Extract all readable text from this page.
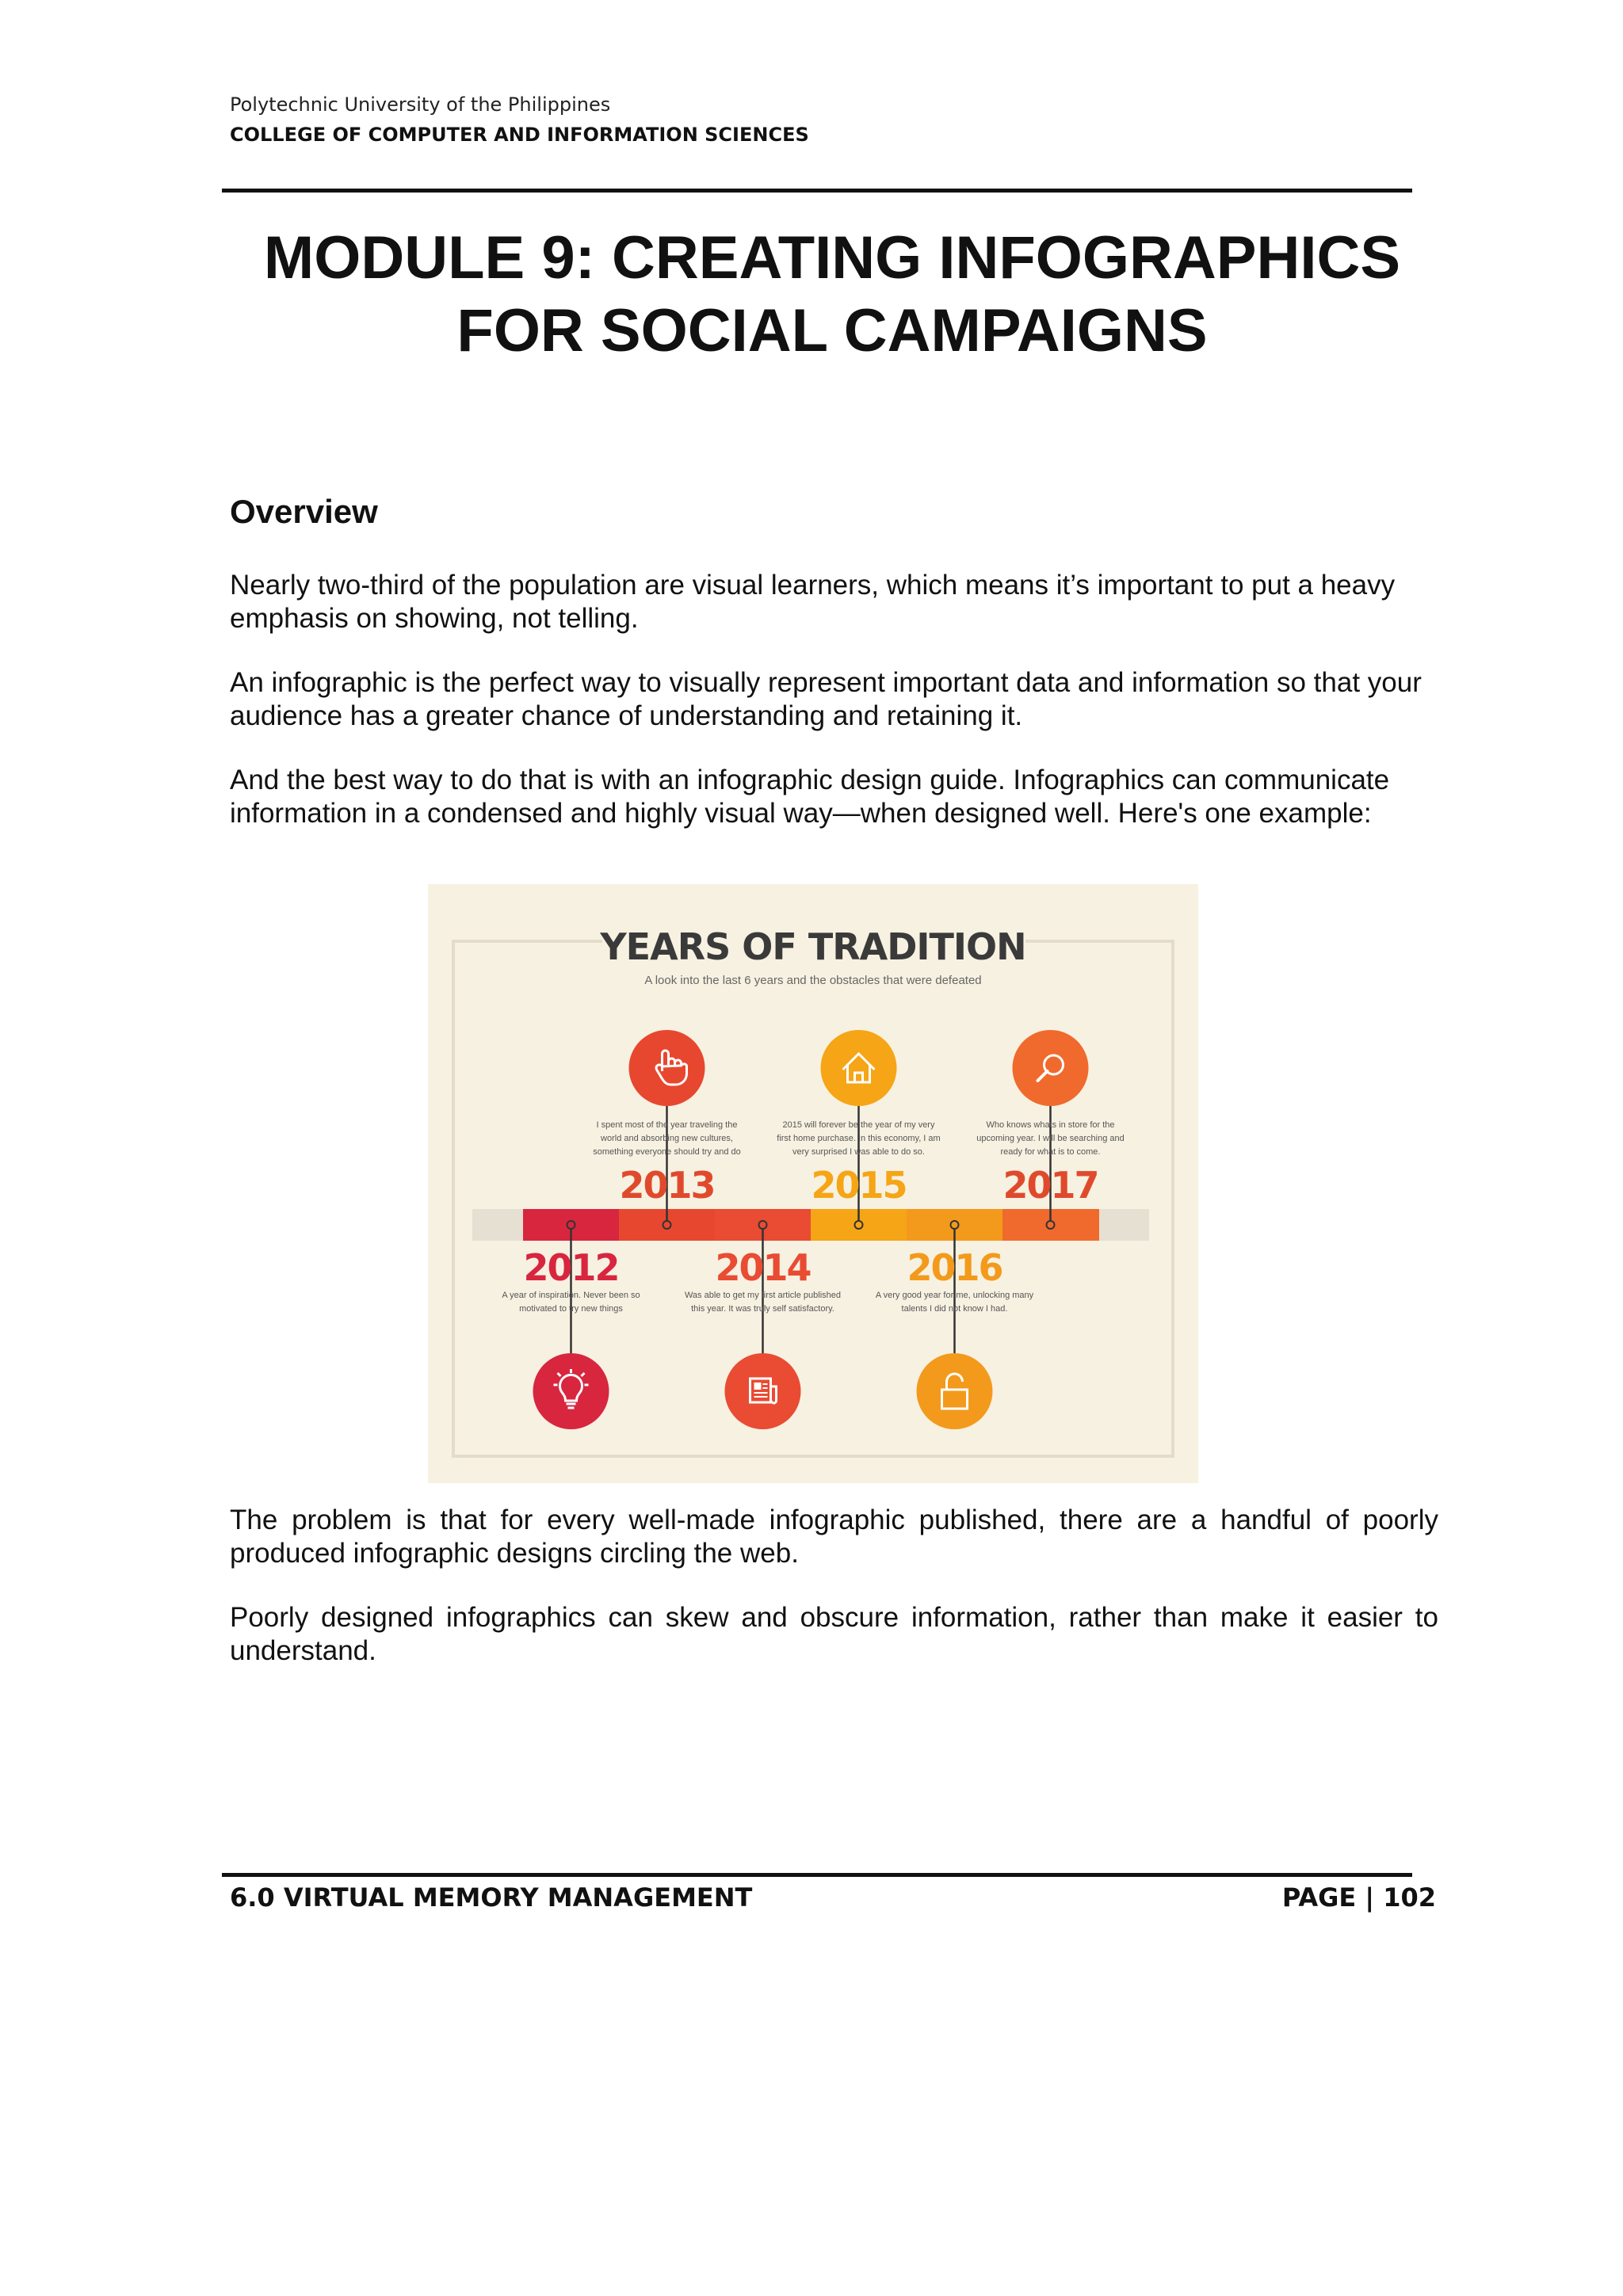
Polytechnic University of the Philippines
COLLEGE OF COMPUTER AND INFORMATION SCIENCES
MODULE 9: CREATING INFOGRAPHICS
FOR SOCIAL CAMPAIGNS
Overview
Nearly two-third of the population are visual learners, which means it’s important to put a heavy emphasis on showing, not telling.
An infographic is the perfect way to visually represent important data and information so that your audience has a greater chance of understanding and retaining it.
And the best way to do that is with an infographic design guide. Infographics can communicate information in a condensed and highly visual way—when designed well. Here's one example:
YEARS OF TRADITION
A look into the last 6 years and the obstacles that were defeated
2012
A year of inspiration. Never been so
motivated to try new things
2013
I spent most of the year traveling the
world and absorbing new cultures,
something everyone should try and do
2014
Was able to get my first article published
this year. It was truly self satisfactory.
2015
2015 will forever be the year of my very
first home purchase. In this economy, I am
very surprised I was able to do so.
2016
A very good year for me, unlocking many
talents I did not know I had.
2017
Who knows whats in store for the
upcoming year. I will be searching and
ready for what is to come.
The problem is that for every well-made infographic published, there are a handful of poorly produced infographic designs circling the web.
Poorly designed infographics can skew and obscure information, rather than make it easier to understand.
6.0 VIRTUAL MEMORY MANAGEMENT	PAGE | 102
